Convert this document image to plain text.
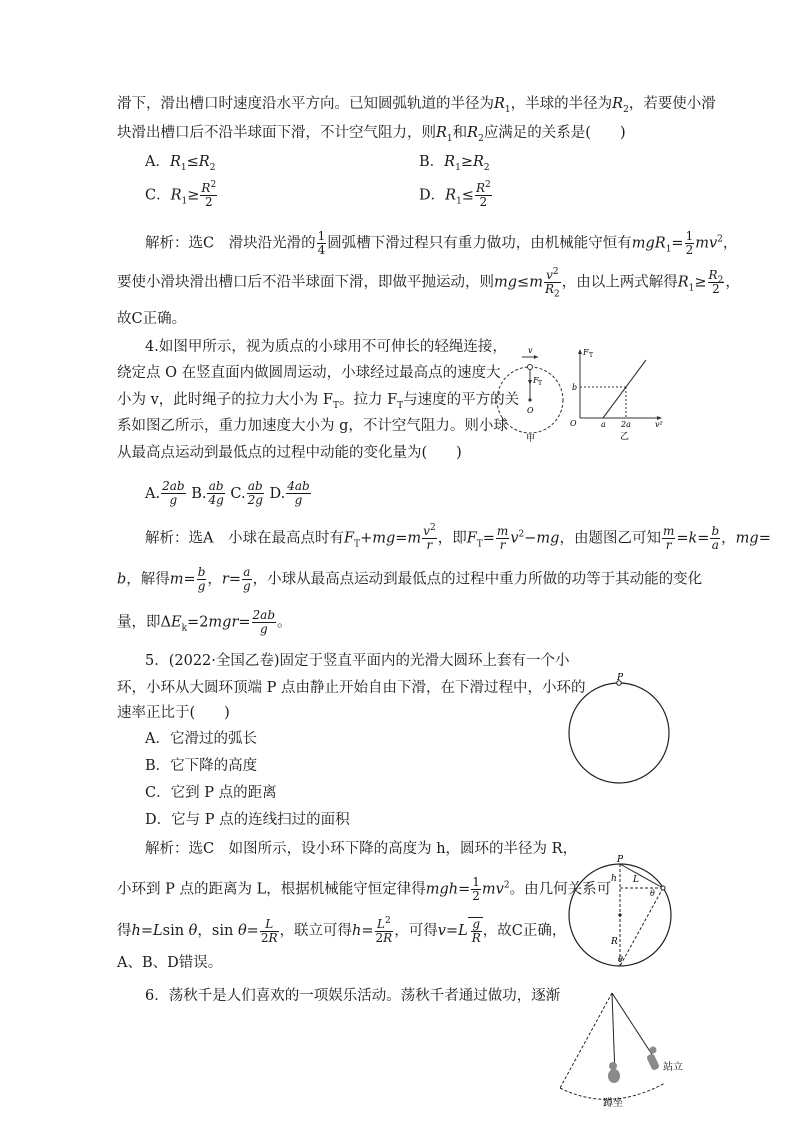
滑下，滑出槽口时速度沿水平方向。已知圆弧轨道的半径为$R_1$，半球的半径为$R_2$，若要使小滑
块滑出槽口后不沿半球面下滑，不计空气阻力，则$R_1$和$R_2$应满足的关系是(　　)
A．$R_1\le R_2$	B．$R_1\ge R_2$
C．$R_1\ge \frac{R^2}{2}$	D．$R_1\le \frac{R^2}{2}$
解析：选C　滑块沿光滑的 $\frac{1}{4}$ 圆弧槽下滑过程只有重力做功，由机械能守恒有$mgR_1= \frac{1}{2} mv^2$，
要使小滑块滑出槽口后不沿半球面下滑，即做平抛运动，则$mg\le m \frac{v^2}{R_2}$ ，由以上两式解得$R_1\ge \frac{R_2}{2}$ ，
故C正确。
4.如图甲所示，视为质点的小球用不可伸长的轻绳连接，
绕定点 O 在竖直面内做圆周运动，小球经过最高点的速度大
小为 v，此时绳子的拉力大小为 $F_T$。拉力 $F_T$与速度的平方的关
系如图乙所示，重力加速度大小为 g，不计空气阻力。则小球
从最高点运动到最低点的过程中动能的变化量为(　　)
v
F T
O
甲
F T
b
O	a 2a	v²
乙
A. $\frac{2ab}{g} B$. $\frac{ab}{4g} C$. $\frac{ab}{2g} D$. $\frac{4ab}{g}$
解析：选A　小球在最高点时有$F_T+mg=m \frac{v^2}{r}$ ，即$F_T= \frac{m}{r} v^2-mg$，由题图乙可知 $\frac{m}{r} =k= \frac{b}{a}$ ，mg=
b，解得$m= \frac{b}{g}$ ，$r= \frac{a}{g}$ ，小球从最高点运动到最低点的过程中重力所做的功等于其动能的变化
量，即$\Delta E_k=2mgr= \frac{2ab}{g}$ 。
5．(2022·全国乙卷)固定于竖直平面内的光滑大圆环上套有一个小
环，小环从大圆环顶端 P 点由静止开始自由下滑，在下滑过程中，小环的
速率正比于(　　)
A．它滑过的弧长
B．它下降的高度
C．它到 P 点的距离
D．它与 P 点的连线扫过的面积
P
解析：选C　如图所示，设小环下降的高度为 h，圆环的半径为 R，
小环到 P 点的距离为 L，根据机械能守恒定律得$mgh= \frac{1}{2} mv^2$。由几何关系可
得h=Lsin θ，$\sin \theta= \frac{L}{2R}$ ，联立可得$h= \frac{L^2}{2R}$ ，可得$v=L \frac{g}{R}$ ，故C正确，
A、B、D错误。
P
h L
θ
R
θ
6．荡秋千是人们喜欢的一项娱乐活动。荡秋千者通过做功，逐渐
站立
蹲坐
